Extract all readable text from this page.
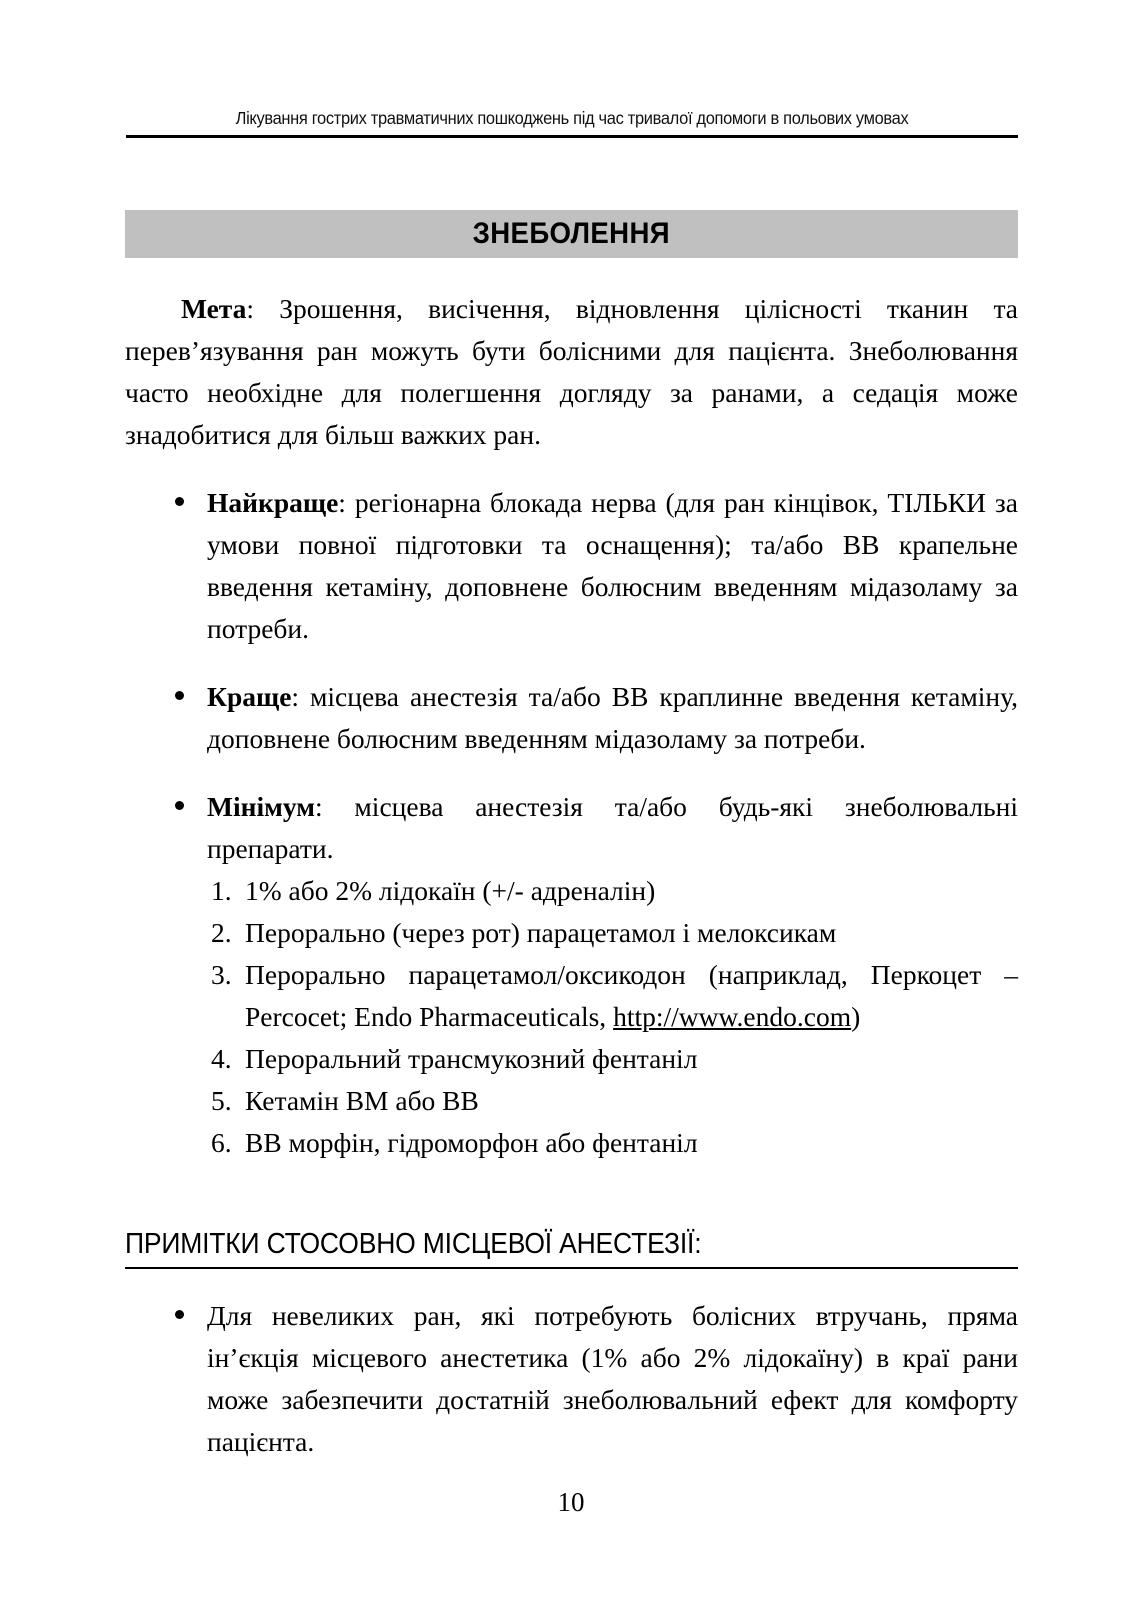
Лікування гострих травматичних пошкоджень під час тривалої допомоги в польових умовах
ЗНЕБОЛЕННЯ

Мета: Зрошення, висічення, відновлення цілісності тканин та перев’язування ран можуть бути болісними для пацієнта. Знеболювання часто необхідне для полегшення догляду за ранами, а седація може знадобитися для більш важких ран.

Найкраще: регіонарна блокада нерва (для ран кінцівок, ТІЛЬКИ за умови повної підготовки та оснащення); та/або ВВ крапельне введення кетаміну, доповнене болюсним введенням мідазоламу за потреби.
Краще: місцева анестезія та/або ВВ краплинне введення кетаміну, доповнене болюсним введенням мідазоламу за потреби.
Мінімум: місцева анестезія та/або будь-які знеболювальні препарати.
1. 1% або 2% лідокаїн (+/- адреналін)
2. Перорально (через рот) парацетамол і мелоксикам
3. Перорально парацетамол/оксикодон (наприклад, Перкоцет – Percocet; Endo Pharmaceuticals, http://www.endo.com)
4. Пероральний трансмукозний фентаніл
5. Кетамін ВМ або ВВ
6. ВВ морфін, гідроморфон або фентаніл
ПРИМІТКИ СТОСОВНО МІСЦЕВОЇ АНЕСТЕЗІЇ:
Для невеликих ран, які потребують болісних втручань, пряма ін’єкція місцевого анестетика (1% або 2% лідокаїну) в краї рани може забезпечити достатній знеболювальний ефект для комфорту пацієнта.
10
